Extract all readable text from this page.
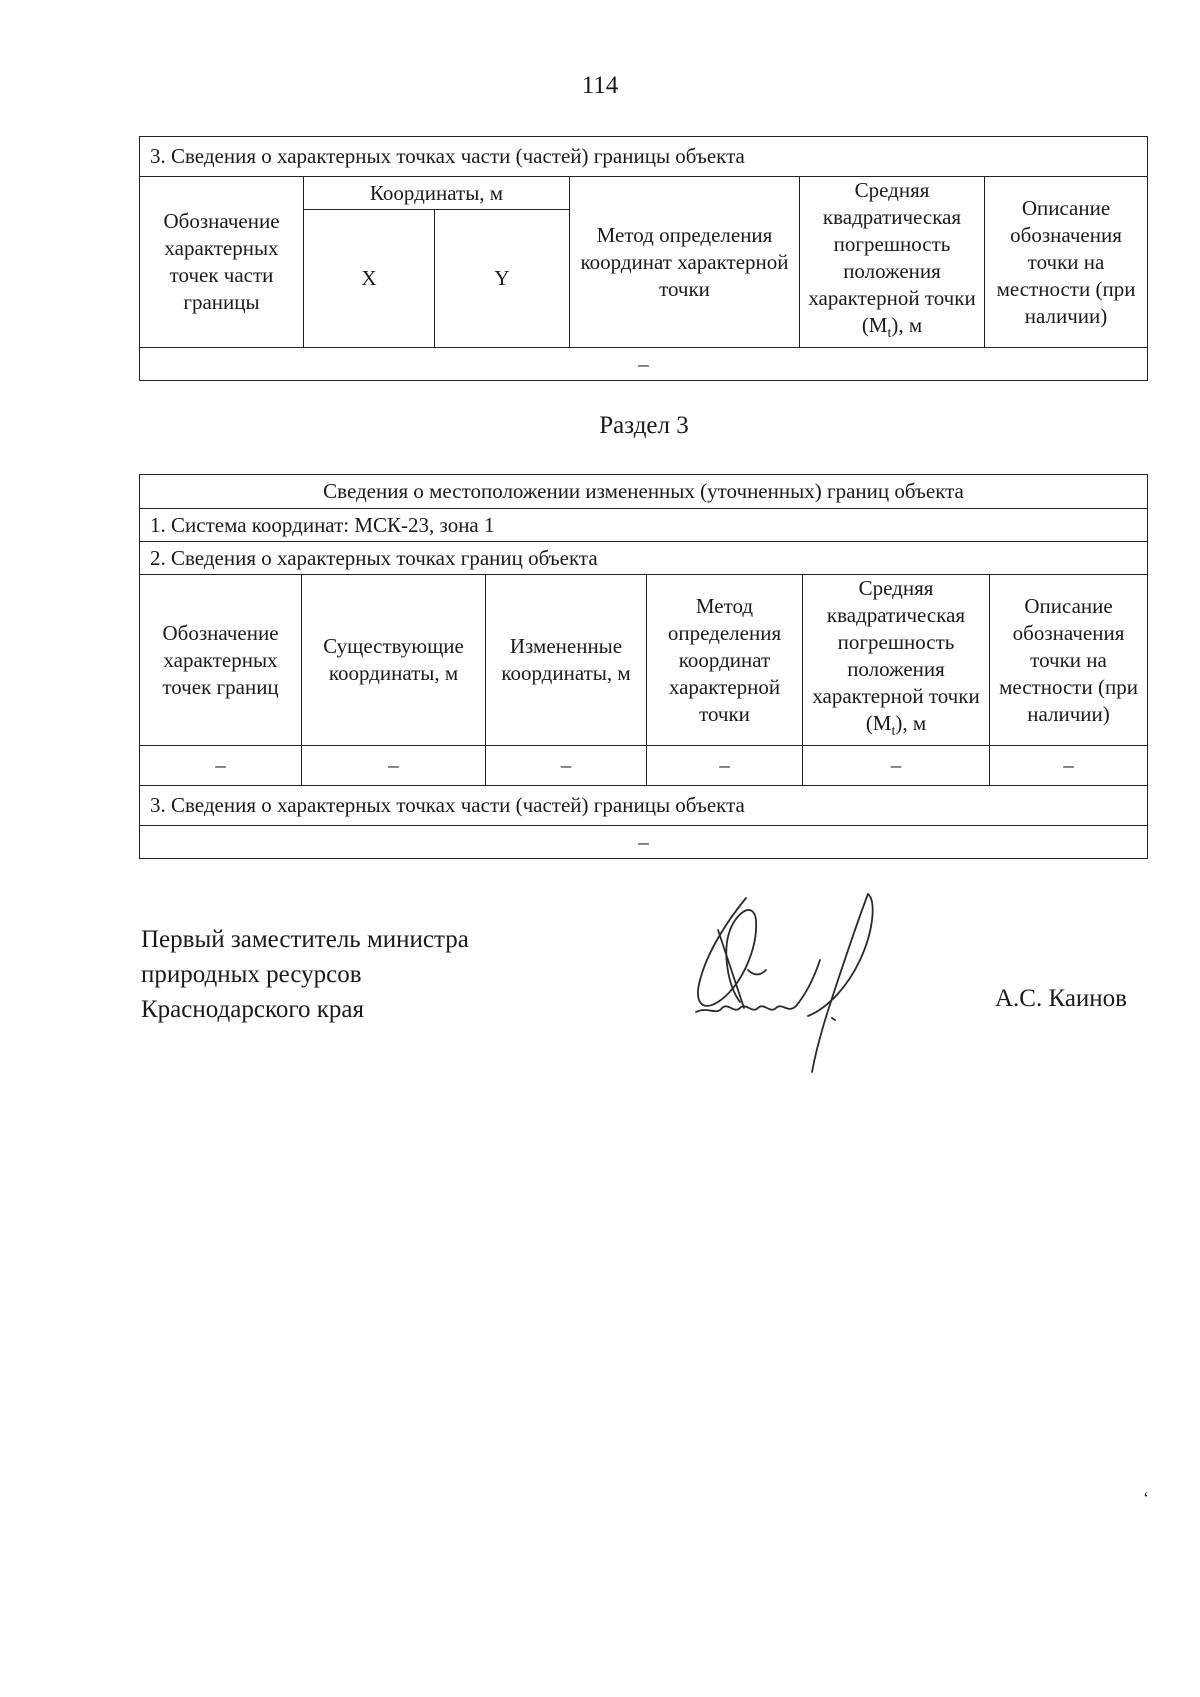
114
3. Сведения о характерных точках части (частей) границы объекта					
Обозначение характерных точек части границы	Координаты, м		Метод определения координат характерной точки	Средняя квадратическая погрешность положения характерной точки $(M_t)$, м	Описание обозначения точки на местности (при наличии)
	X	Y			
–					
Раздел 3
Сведения о местоположении измененных (уточненных) границ объекта					
1. Система координат: МСК-23, зона 1					
2. Сведения о характерных точках границ объекта					
Обозначение характерных точек границ	Существующие координаты, м	Измененные координаты, м	Метод определения координат характерной точки	Средняя квадратическая погрешность положения характерной точки $(M_t)$, м	Описание обозначения точки на местности (при наличии)
–	–	–	–	–	–
3. Сведения о характерных точках части (частей) границы объекта					
–					
Первый заместитель министра
природных ресурсов
Краснодарского края	А.С. Каинов
‘
